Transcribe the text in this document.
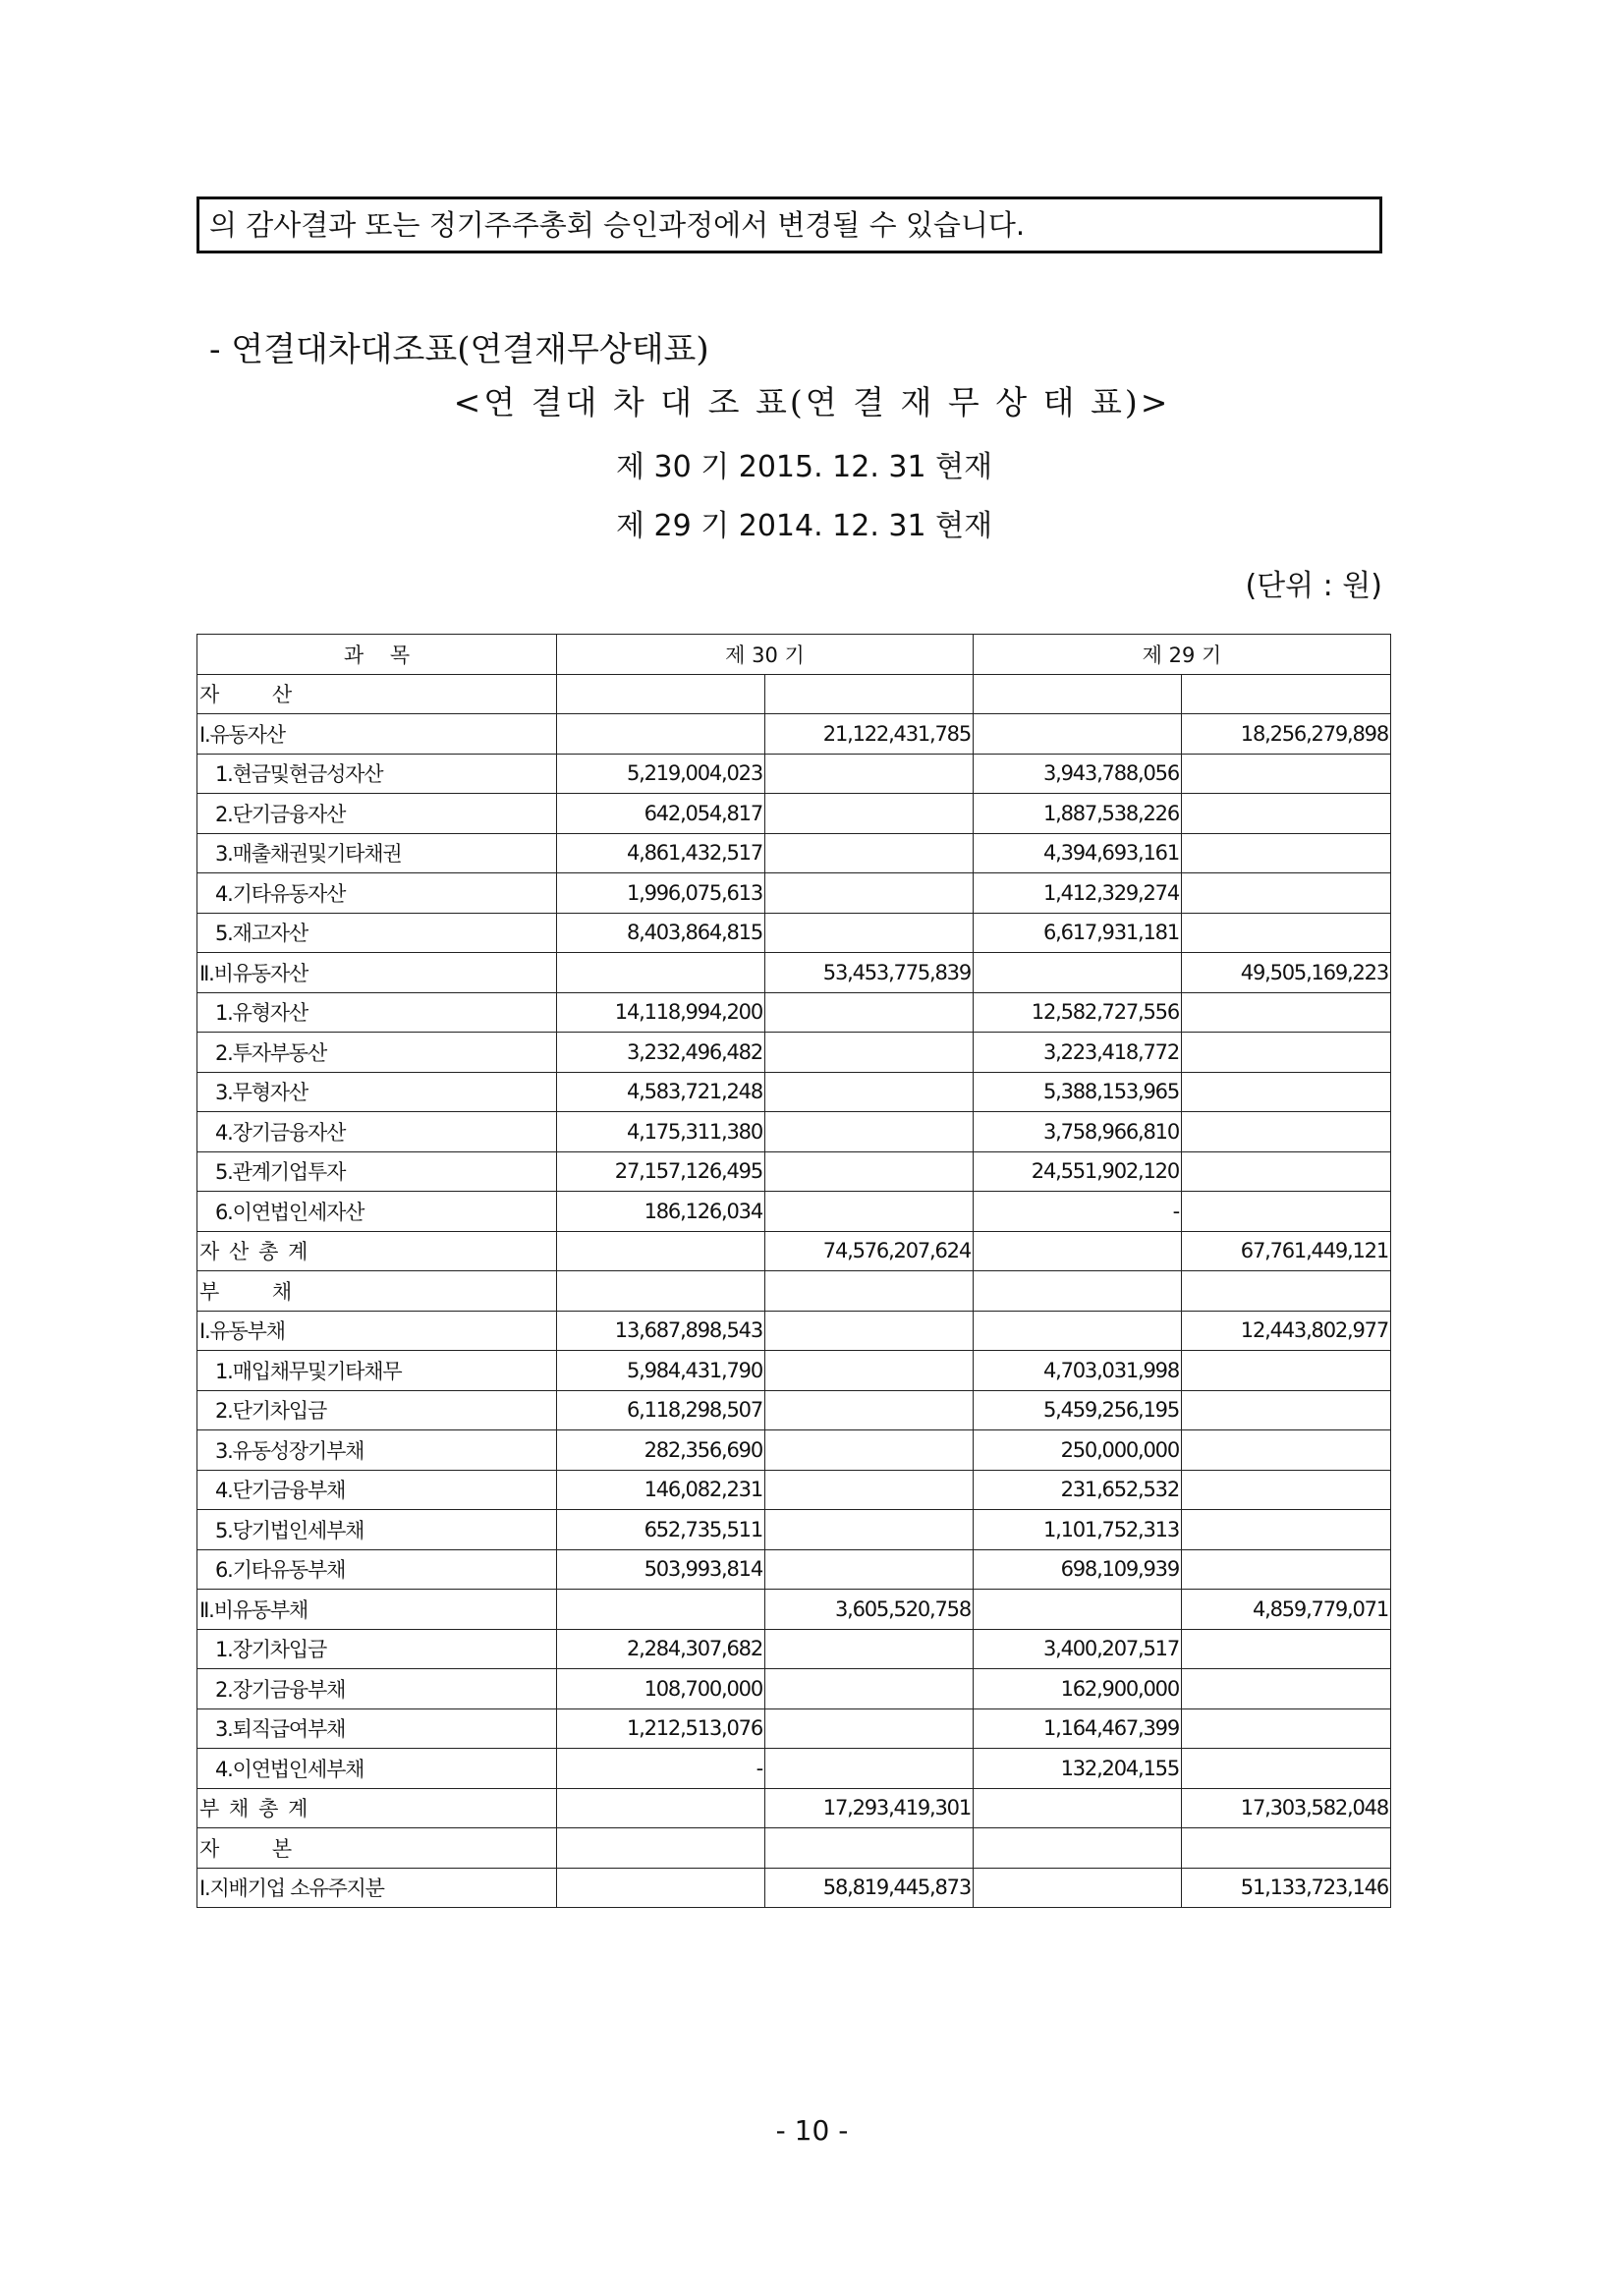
의 감사결과 또는 정기주주총회 승인과정에서 변경될 수 있습니다.
- 연결대차대조표(연결재무상태표)
<연 결대 차 대 조 표(연 결 재 무 상 태 표)>
제 30 기 2015. 12. 31 현재
제 29 기 2014. 12. 31 현재
(단위 : 원)
과    목	제 30 기		제 29 기	
자          산				
Ⅰ.유동자산		21,122,431,785		18,256,279,898
1.현금및현금성자산	5,219,004,023		3,943,788,056	
2.단기금융자산	642,054,817		1,887,538,226	
3.매출채권및기타채권	4,861,432,517		4,394,693,161	
4.기타유동자산	1,996,075,613		1,412,329,274	
5.재고자산	8,403,864,815		6,617,931,181	
Ⅱ.비유동자산		53,453,775,839		49,505,169,223
1.유형자산	14,118,994,200		12,582,727,556	
2.투자부동산	3,232,496,482		3,223,418,772	
3.무형자산	4,583,721,248		5,388,153,965	
4.장기금융자산	4,175,311,380		3,758,966,810	
5.관계기업투자	27,157,126,495		24,551,902,120	
6.이연법인세자산	186,126,034		-	
자  산  총  계		74,576,207,624		67,761,449,121
부          채				
Ⅰ.유동부채	13,687,898,543			12,443,802,977
1.매입채무및기타채무	5,984,431,790		4,703,031,998	
2.단기차입금	6,118,298,507		5,459,256,195	
3.유동성장기부채	282,356,690		250,000,000	
4.단기금융부채	146,082,231		231,652,532	
5.당기법인세부채	652,735,511		1,101,752,313	
6.기타유동부채	503,993,814		698,109,939	
Ⅱ.비유동부채		3,605,520,758		4,859,779,071
1.장기차입금	2,284,307,682		3,400,207,517	
2.장기금융부채	108,700,000		162,900,000	
3.퇴직급여부채	1,212,513,076		1,164,467,399	
4.이연법인세부채	-		132,204,155	
부  채  총  계		17,293,419,301		17,303,582,048
자          본				
Ⅰ.지배기업 소유주지분		58,819,445,873		51,133,723,146
- 10 -
